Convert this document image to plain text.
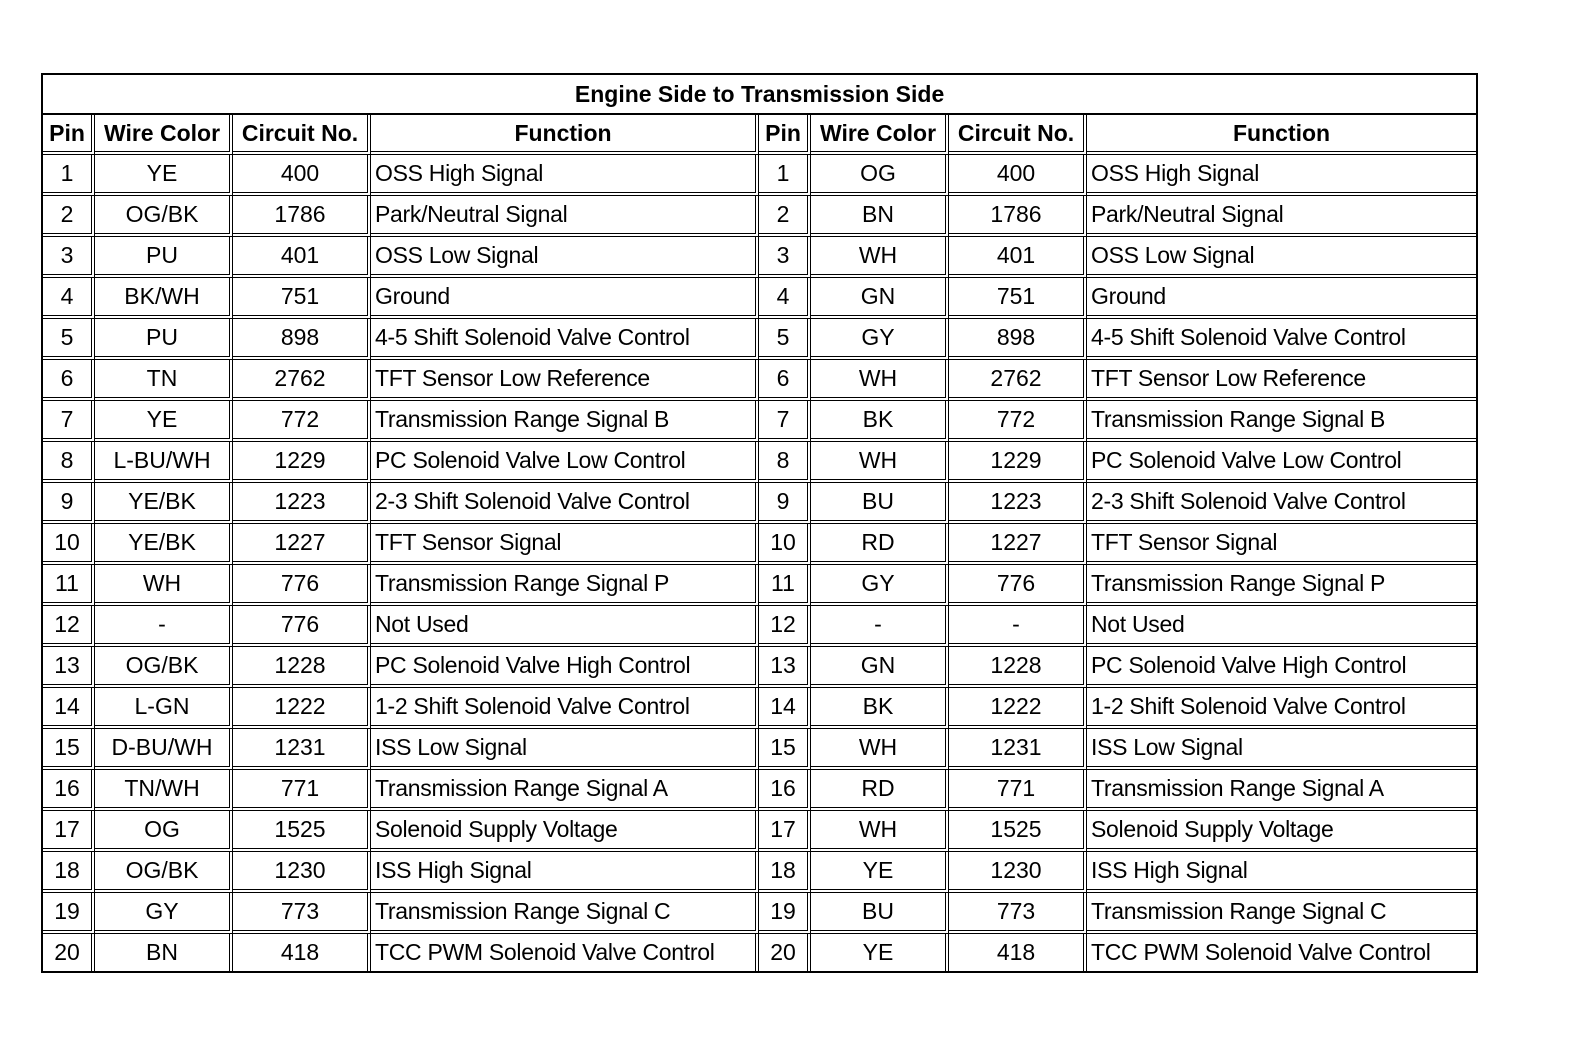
Engine Side to Transmission Side							
Pin	Wire Color	Circuit No.	Function	Pin	Wire Color	Circuit No.	Function
1	YE	400	OSS High Signal	1	OG	400	OSS High Signal
2	OG/BK	1786	Park/Neutral Signal	2	BN	1786	Park/Neutral Signal
3	PU	401	OSS Low Signal	3	WH	401	OSS Low Signal
4	BK/WH	751	Ground	4	GN	751	Ground
5	PU	898	4-5 Shift Solenoid Valve Control	5	GY	898	4-5 Shift Solenoid Valve Control
6	TN	2762	TFT Sensor Low Reference	6	WH	2762	TFT Sensor Low Reference
7	YE	772	Transmission Range Signal B	7	BK	772	Transmission Range Signal B
8	L-BU/WH	1229	PC Solenoid Valve Low Control	8	WH	1229	PC Solenoid Valve Low Control
9	YE/BK	1223	2-3 Shift Solenoid Valve Control	9	BU	1223	2-3 Shift Solenoid Valve Control
10	YE/BK	1227	TFT Sensor Signal	10	RD	1227	TFT Sensor Signal
11	WH	776	Transmission Range Signal P	11	GY	776	Transmission Range Signal P
12	-	776	Not Used	12	-	-	Not Used
13	OG/BK	1228	PC Solenoid Valve High Control	13	GN	1228	PC Solenoid Valve High Control
14	L-GN	1222	1-2 Shift Solenoid Valve Control	14	BK	1222	1-2 Shift Solenoid Valve Control
15	D-BU/WH	1231	ISS Low Signal	15	WH	1231	ISS Low Signal
16	TN/WH	771	Transmission Range Signal A	16	RD	771	Transmission Range Signal A
17	OG	1525	Solenoid Supply Voltage	17	WH	1525	Solenoid Supply Voltage
18	OG/BK	1230	ISS High Signal	18	YE	1230	ISS High Signal
19	GY	773	Transmission Range Signal C	19	BU	773	Transmission Range Signal C
20	BN	418	TCC PWM Solenoid Valve Control	20	YE	418	TCC PWM Solenoid Valve Control
